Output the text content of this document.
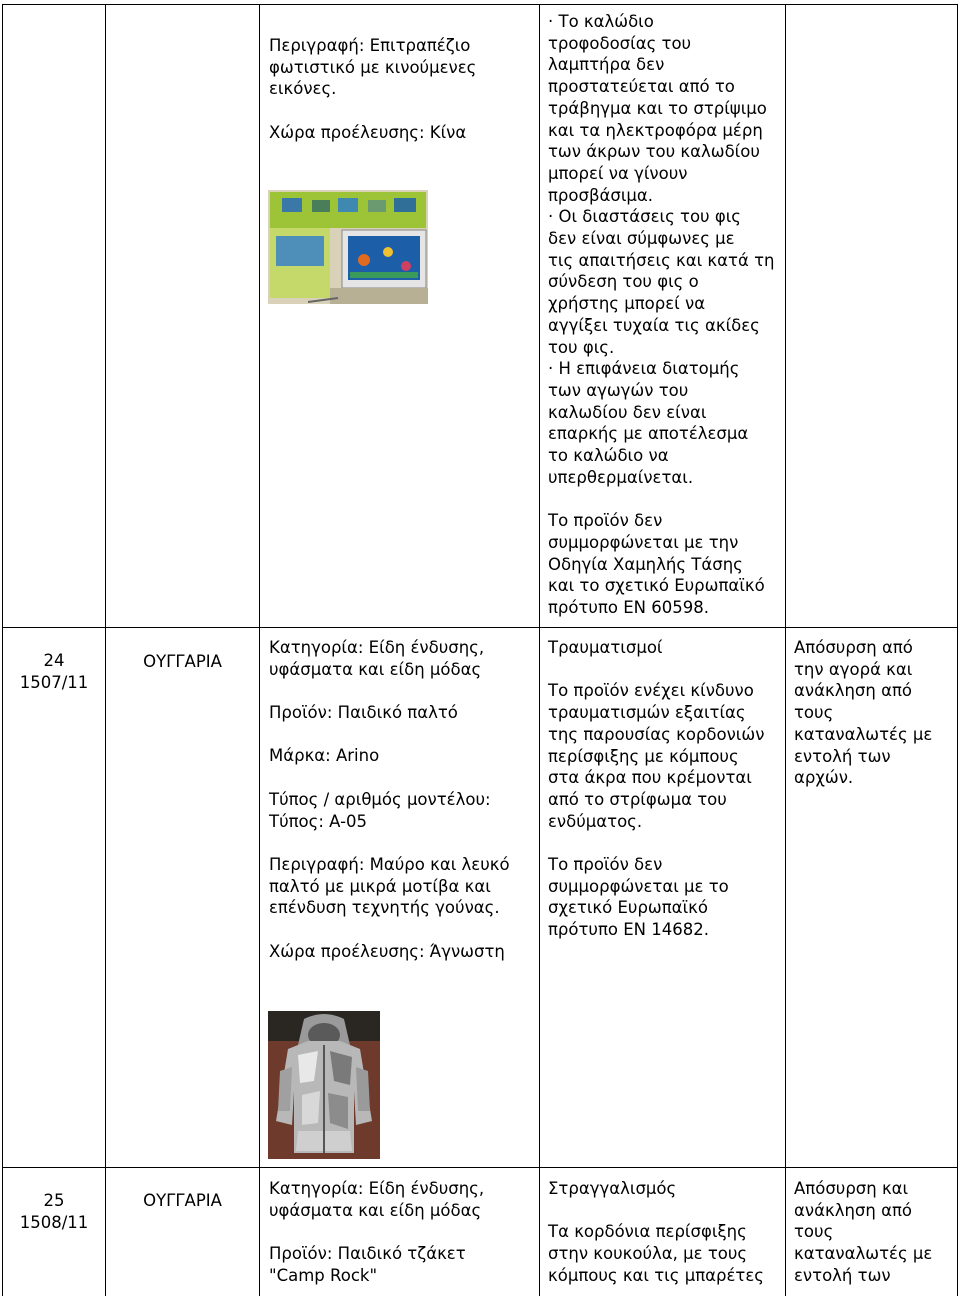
Περιγραφή: Επιτραπέζιο φωτιστικό με κινούμενες εικόνες.

Χώρα προέλευσης: Κίνα

· Το καλώδιο

τροφοδοσίας του

λαμπτήρα δεν

προστατεύεται από το

τράβηγμα και το στρίψιμο

και τα ηλεκτροφόρα μέρη

των άκρων του καλωδίου

μπορεί να γίνουν

προσβάσιμα.

· Οι διαστάσεις του φις

δεν είναι σύμφωνες με

τις απαιτήσεις και κατά τη

σύνδεση του φις ο

χρήστης μπορεί να

αγγίξει τυχαία τις ακίδες

του φις.

· Η επιφάνεια διατομής

των αγωγών του

καλωδίου δεν είναι

επαρκής με αποτέλεσμα

το καλώδιο να

υπερθερμαίνεται.

Το προϊόν δεν

συμμορφώνεται με την

Οδηγία Χαμηλής Τάσης

και το σχετικό Ευρωπαϊκό

πρότυπο EN 60598.

24

1507/11

ΟΥΓΓΑΡΙΑ

Κατηγορία: Είδη ένδυσης,

υφάσματα και είδη μόδας

Προϊόν: Παιδικό παλτό

Μάρκα: Arino

Τύπος / αριθμός μοντέλου:

Τύπος: A-05

Περιγραφή: Μαύρο και λευκό

παλτό με μικρά μοτίβα και

επένδυση τεχνητής γούνας.

Χώρα προέλευσης: Άγνωστη

Τραυματισμοί

Το προϊόν ενέχει κίνδυνο

τραυματισμών εξαιτίας

της παρουσίας κορδονιών

περίσφιξης με κόμπους

στα άκρα που κρέμονται

από το στρίφωμα του

ενδύματος.

Το προϊόν δεν

συμμορφώνεται με το

σχετικό Ευρωπαϊκό

πρότυπο EN 14682.

Απόσυρση από

την αγορά και

ανάκληση από

τους

καταναλωτές με

εντολή των

αρχών.

25

1508/11

ΟΥΓΓΑΡΙΑ

Κατηγορία: Είδη ένδυσης,

υφάσματα και είδη μόδας

Προϊόν: Παιδικό τζάκετ

"Camp Rock"

Στραγγαλισμός

Τα κορδόνια περίσφιξης

στην κουκούλα, με τους

κόμπους και τις μπαρέτες

Απόσυρση και

ανάκληση από

τους

καταναλωτές με

εντολή των
